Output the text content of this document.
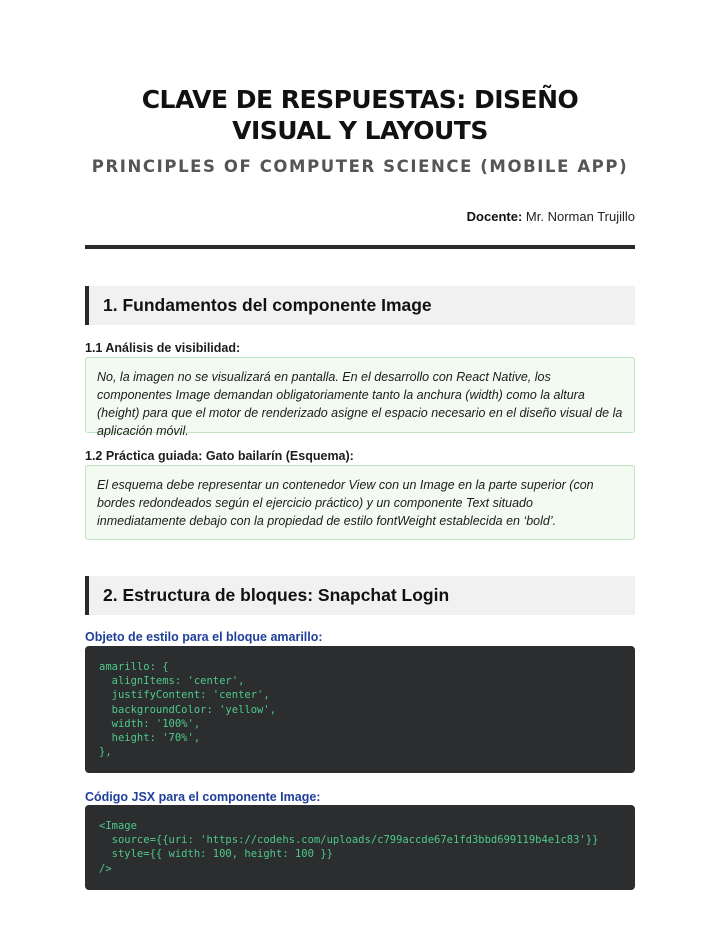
CLAVE DE RESPUESTAS: DISEÑO
VISUAL Y LAYOUTS
PRINCIPLES OF COMPUTER SCIENCE (MOBILE APP)
Docente: Mr. Norman Trujillo
1. Fundamentos del componente Image
1.1 Análisis de visibilidad:
No, la imagen no se visualizará en pantalla. En el desarrollo con React Native, los componentes Image demandan obligatoriamente tanto la anchura (width) como la altura (height) para que el motor de renderizado asigne el espacio necesario en el diseño visual de la aplicación móvil.
1.2 Práctica guiada: Gato bailarín (Esquema):
El esquema debe representar un contenedor View con un Image en la parte superior (con bordes redondeados según el ejercicio práctico) y un componente Text situado inmediatamente debajo con la propiedad de estilo fontWeight establecida en ‘bold’.
2. Estructura de bloques: Snapchat Login
Objeto de estilo para el bloque amarillo:
amarillo: {
alignItems: 'center',
justifyContent: 'center',
backgroundColor: 'yellow',
width: '100%',
height: '70%',
},
Código JSX para el componente Image:
<Image
source={{uri: 'https://codehs.com/uploads/c799accde67e1fd3bbd699119b4e1c83'}}
style={{ width: 100, height: 100 }}
/>
